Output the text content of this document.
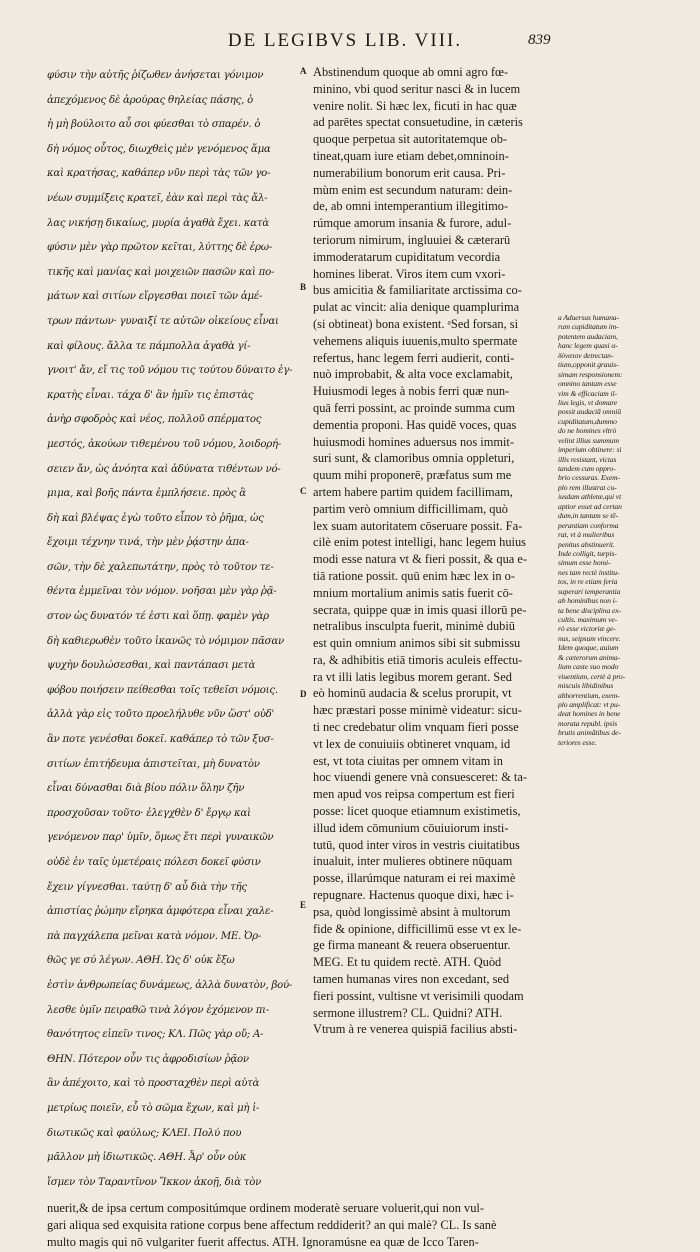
DE LEGIBVS LIB. VIII.	839
φύσιν τὴν αὐτῆς ῥίζωθεν ἀνήσεται γόνιμον
ἀπεχόμενος δὲ ἀρούρας θηλείας πάσης, ὁ
ἡ μὴ βούλοιτο αὖ σοι φύεσθαι τὸ σπαρέν. ὁ
δὴ νόμος οὗτος, διωχθεὶς μὲν γενόμενος ἅμα
καὶ κρατήσας, καθάπερ νῦν περὶ τὰς τῶν γο-
νέων συμμίξεις κρατεῖ, ἐὰν καὶ περὶ τὰς ἄλ-
λας νικήσῃ δικαίως, μυρία ἀγαθὰ ἔχει. κατὰ
φύσιν μὲν γὰρ πρῶτον κεῖται, λύττης δὲ ἐρω-
τικῆς καὶ μανίας καὶ μοιχειῶν πασῶν καὶ πο-
μάτων καὶ σιτίων εἴργεσθαι ποιεῖ τῶν ἀμέ-
τρων πάντων· γυναιξί τε αὐτῶν οἰκείους εἶναι
καὶ φίλους. ἄλλα τε πάμπολλα ἀγαθὰ γί-
γνοιτ' ἄν, εἴ τις τοῦ νόμου τις τούτου δύναιτο ἐγ-
κρατὴς εἶναι. τάχα δ' ἂν ἡμῖν τις ἐπιστὰς
ἀνὴρ σφοδρὸς καὶ νέος, πολλοῦ σπέρματος
μεστός, ἀκούων τιθεμένου τοῦ νόμου, λοιδορή-
σειεν ἄν, ὡς ἀνόητα καὶ ἀδύνατα τιθέντων νό-
μιμα, καὶ βοῆς πάντα ἐμπλήσειε. πρὸς ἃ
δὴ καὶ βλέψας ἐγὼ τοῦτο εἶπον τὸ ῥῆμα, ὡς
ἔχοιμι τέχνην τινά, τὴν μὲν ῥᾴστην ἀπα-
σῶν, τὴν δὲ χαλεπωτάτην, πρὸς τὸ τοῦτον τε-
θέντα ἐμμεῖναι τὸν νόμον. νοῆσαι μὲν γὰρ ῥᾷ-
στον ὡς δυνατόν τέ ἐστι καὶ ὅπῃ. φαμὲν γὰρ
δὴ καθιερωθὲν τοῦτο ἱκανῶς τὸ νόμιμον πᾶσαν
ψυχὴν δουλώσεσθαι, καὶ παντάπασι μετὰ
φόβου ποιήσειν πείθεσθαι τοῖς τεθεῖσι νόμοις.
ἀλλὰ γὰρ εἰς τοῦτο προελήλυθε νῦν ὥστ' οὐδ'
ἂν ποτε γενέσθαι δοκεῖ. καθάπερ τὸ τῶν ξυσ-
σιτίων ἐπιτήδευμα ἀπιστεῖται, μὴ δυνατὸν
εἶναι δύνασθαι διὰ βίου πόλιν ὅλην ζῆν
προσχοῦσαν τοῦτο· ἐλεγχθὲν δ' ἔργῳ καὶ
γενόμενον παρ' ὑμῖν, ὅμως ἔτι περὶ γυναικῶν
οὐδὲ ἐν ταῖς ὑμετέραις πόλεσι δοκεῖ φύσιν
ἔχειν γίγνεσθαι. ταύτῃ δ' αὖ διὰ τὴν τῆς
ἀπιστίας ῥώμην εἴρηκα ἀμφότερα εἶναι χαλε-
πὰ παγχάλεπα μεῖναι κατὰ νόμον. ΜΕ. Ὀρ-
θῶς γε σύ λέγων. ΑΘΗ. Ὡς δ' οὐκ ἔξω
ἐστὶν ἀνθρωπείας δυνάμεως, ἀλλὰ δυνατὸν, βού-
λεσθε ὑμῖν πειραθῶ τινὰ λόγον ἐχόμενον πι-
θανότητος εἰπεῖν τινος; ΚΛ. Πῶς γὰρ οὔ; Α-
ΘΗΝ. Πότερον οὖν τις ἀφροδισίων ῥᾷον
ἂν ἀπέχοιτο, καὶ τὸ προσταχθὲν περὶ αὐτὰ
μετρίως ποιεῖν, εὖ τὸ σῶμα ἔχων, καὶ μὴ ἰ-
διωτικῶς καὶ φαύλως; ΚΛΕΙ. Πολύ που
μᾶλλον μὴ ἰδιωτικῶς. ΑΘΗ. Ἆρ' οὖν οὐκ
ἴσμεν τὸν Ταραντῖνον Ἴκκον ἀκοῇ, διὰ τὸν
Abstinendum quoque ab omni agro fœ-
minino, vbi quod seritur nasci & in lucem
venire nolit. Si hæc lex, ficuti in hac quæ
ad parētes spectat consuetudine, in cæteris
quoque perpetua sit autoritatemque ob-
tineat,quam iure etiam debet,omninoin-
numerabilium bonorum erit causa. Pri-
mùm enim est secundum naturam: dein-
de, ab omni intemperantium illegitimo-
rúmque amorum insania & furore, adul-
teriorum nimirum, ingluuiei & cæterarū
immoderatarum cupiditatum vecordia
homines liberat. Viros item cum vxori-
bus amicitia & familiaritate arctissima co-
pulat ac vincit: alia denique quamplurima
(si obtineat) bona existent. ᵃSed forsan, si
vehemens aliquis iuuenis,multo spermate
refertus, hanc legem ferri audierit, conti-
nuò improbabit, & alta voce exclamabit,
Huiusmodi leges à nobis ferri quæ nun-
quā ferri possint, ac proinde summa cum
dementia proponi. Has quidē voces, quas
huiusmodi homines aduersus nos immit-
suri sunt, & clamoribus omnia oppleturi,
quum mihi proponerē, præfatus sum me
artem habere partim quidem facillimam,
partim verò omnium difficillimam, quò
lex suam autoritatem cōseruare possit. Fa-
cilè enim potest intelligi, hanc legem huius
modi esse natura vt & fieri possit, & qua e-
tiā ratione possit. quū enim hæc lex in o-
mnium mortalium animis satis fuerit cō-
secrata, quippe quæ in imis quasi illorū pe-
netralibus insculpta fuerit, minimè dubiū
est quin omnium animos sibi sit submissu
ra, & adhibitis etiā timoris aculeis effectu-
ra vt illi latis legibus morem gerant. Sed
eò hominū audacia & scelus prorupit, vt
hæc præstari posse minimè videatur: sicu-
ti nec credebatur olim vnquam fieri posse
vt lex de conuiuiis obtineret vnquam, id
est, vt tota ciuitas per omnem vitam in
hoc viuendi genere vnà consuesceret: & ta-
men apud vos reipsa compertum est fieri
posse: licet quoque etiamnum existimetis,
illud idem cōmunium cōuiuiorum insti-
tutū, quod inter viros in vestris ciuitatibus
inualuit, inter mulieres obtinere nūquam
posse, illarúmque naturam ei rei maximè
repugnare. Hactenus quoque dixi, hæc i-
psa, quòd longissimè absint à multorum
fide & opinione, difficillimū esse vt ex le-
ge firma maneant & reuera obseruentur.
MEG. Et tu quidem rectè. ATH. Quòd
tamen humanas vires non excedant, sed
fieri possint, vultisne vt verisimili quodam
sermone illustrem? CL. Quidni? ATH.
Vtrum à re venerea quispiā facilius absti-
A
B
C
D
E
a Aduersus humana-
rum cupiditatum im-
potentem audaciam,
hanc legem quasi α-
δύνατον detrectan-
tium,opponit grauis-
simam responsionem:
omnino tantam esse
vim & efficaciam il-
lius legis, vt domare
possit audaciā omniū
cupiditatum,dummo
do ne homines vltrò
velint illius summum
imperium obtinere: si
illis resistant, victas
tandem cum oppro-
brio cessuras. Exem-
plo rem illustrat cu-
iusdam athletæ,qui vt
aptior esset ad certan
dum,in tantam se tē-
perantiam conforma
rat, vt à mulieribus
penitus abstinuerit.
Inde colligit, turpis-
simum esse homi-
nes tam rectè institu-
tos, in re etiam feria
superari temperantia
ab hominibus non i-
ta bene disciplina ex-
cultis. maximum ve-
rò esse victoriæ ge-
nus, seipsum vincere.
Idem quoque, auium
& cæterorum anima-
lium caste suo modo
viuentium, certè à pro-
miscuis libidinibus
abhorrentium, exem-
plo amplificat: vt pu-
deat homines in bene
morata republ. ipsis
brutis animātibus de-
teriores esse.
nuerit,& de ipsa certum compositúmque ordinem moderatè seruare voluerit,qui non vul-
gari aliqua sed exquisita ratione corpus bene affectum reddiderit? an qui malè? CL. Is sanè
multo magis qui nō vulgariter fuerit affectus. ATH. Ignoramúsne ea quæ de Icco Taren-
